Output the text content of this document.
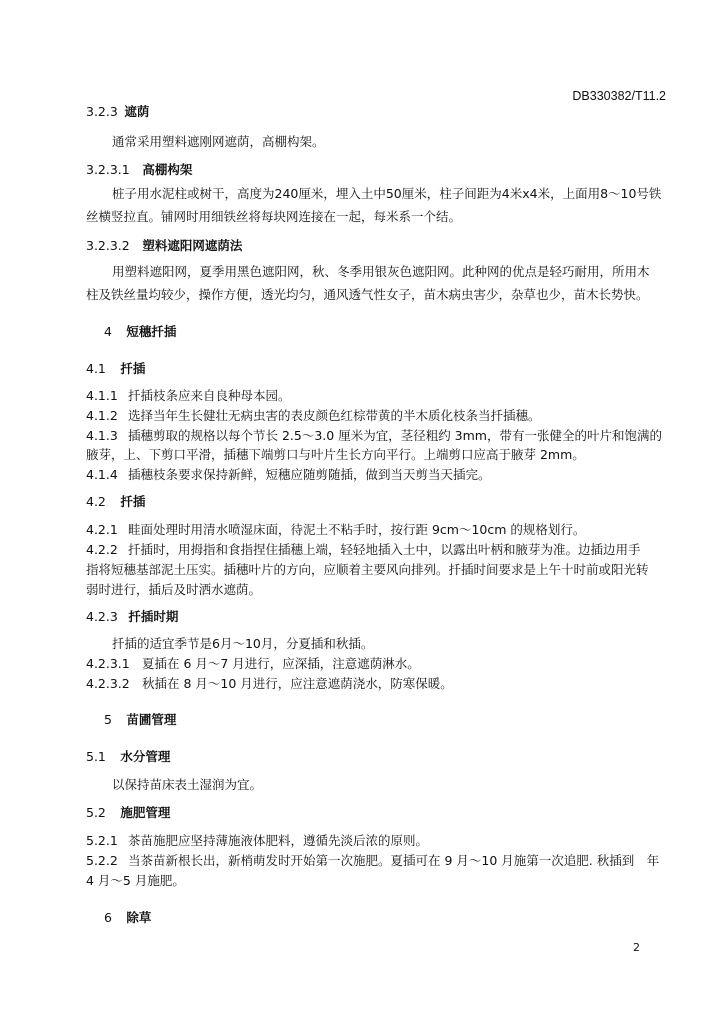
DB330382/T11.2
3.2.3 遮荫
通常采用塑料遮刚网遮荫，高棚构架。
3.2.3.1 高棚构架
桩子用水泥柱或树干，高度为240厘米，埋入土中50厘米，柱子间距为4米x4米，上面用8～10号铁
丝横竖拉直。铺网时用细铁丝将每块网连接在一起，每米系一个结。
3.2.3.2 塑料遮阳网遮荫法
用塑料遮阳网，夏季用黑色遮阳网，秋、冬季用银灰色遮阳网。此种网的优点是轻巧耐用，所用木
柱及铁丝量均较少，操作方便，透光均匀，通风透气性女子，苗木病虫害少，杂草也少，苗木长势快。
4 短穗扦插
4.1 扦插
4.1.1 扦插枝条应来自良种母本园。
4.1.2 选择当年生长健壮无病虫害的表皮颜色红棕带黄的半木质化枝条当扦插穗。
4.1.3 插穗剪取的规格以每个节长 2.5～3.0 厘米为宜，茎径粗约 3mm，带有一张健全的叶片和饱满的
腋芽，上、下剪口平滑，插穗下端剪口与叶片生长方向平行。上端剪口应高于腋芽 2mm。
4.1.4 插穗枝条要求保持新鲜，短穗应随剪随插，做到当天剪当天插完。
4.2 扦插
4.2.1 畦面处理时用清水喷湿床面，待泥土不粘手时，按行距 9cm～10cm 的规格划行。
4.2.2 扦插时，用拇指和食指捏住插穗上端，轻轻地插入土中，以露出叶柄和腋芽为准。边插边用手
指将短穗基部泥土压实。插穗叶片的方向，应顺着主要风向排列。扦插时间要求是上午十时前或阳光转
弱时进行，插后及时洒水遮荫。
4.2.3 扦插时期
扦插的适宜季节是6月～10月，分夏插和秋插。
4.2.3.1 夏插在 6 月～7 月进行，应深插，注意遮荫淋水。
4.2.3.2 秋插在 8 月～10 月进行，应注意遮荫浇水，防寒保暖。
5 苗圃管理
5.1 水分管理
以保持苗床表土湿润为宜。
5.2 施肥管理
5.2.1 茶苗施肥应坚持薄施液体肥料，遵循先淡后浓的原则。
5.2.2 当茶苗新根长出，新梢萌发时开始第一次施肥。夏插可在 9 月～10 月施第一次追肥. 秋插到　年
4 月～5 月施肥。
6 除草
2
